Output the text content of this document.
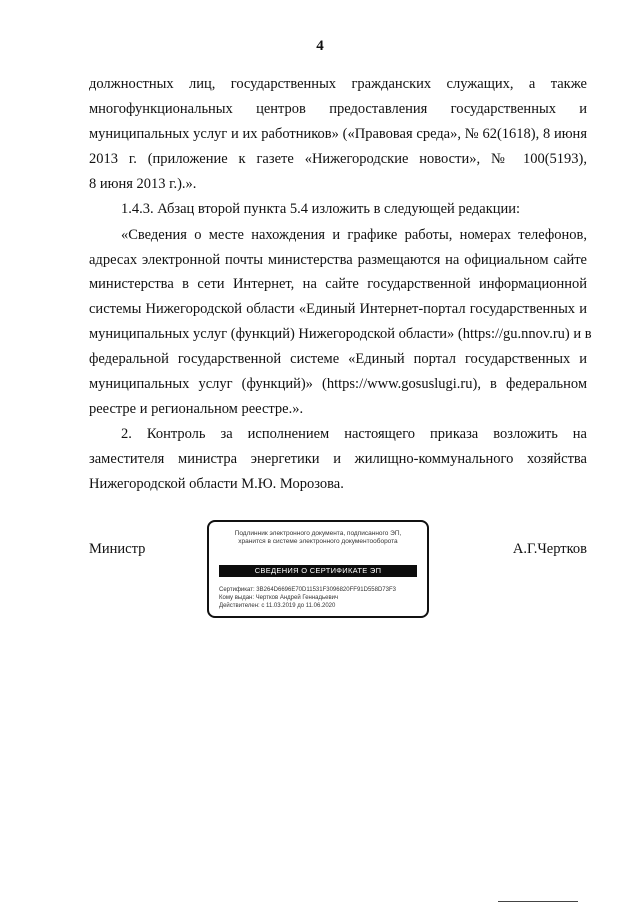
4
должностных лиц, государственных гражданских служащих, а также
многофункциональных центров предоставления государственных и
муниципальных услуг и их работников» («Правовая среда», № 62(1618), 8 июня
2013 г. (приложение к газете «Нижегородские новости», № 100(5193),
8 июня 2013 г.).».
1.4.3. Абзац второй пункта 5.4 изложить в следующей редакции:
«Сведения о месте нахождения и графике работы, номерах телефонов,
адресах электронной почты министерства размещаются на официальном сайте
министерства в сети Интернет, на сайте государственной информационной
системы Нижегородской области «Единый Интернет-портал государственных и
муниципальных услуг (функций) Нижегородской области» (https://gu.nnov.ru) и в
федеральной государственной системе «Единый портал государственных и
муниципальных услуг (функций)» (https://www.gosuslugi.ru), в федеральном
реестре и региональном реестре.».
2. Контроль за исполнением настоящего приказа возложить на
заместителя министра энергетики и жилищно-коммунального хозяйства
Нижегородской области М.Ю. Морозова.
Министр	А.Г.Чертков
Подлинник электронного документа, подписанного ЭП,
хранится в системе электронного документооборота
СВЕДЕНИЯ О СЕРТИФИКАТЕ ЭП
Сертификат: 3B264D6696E70D11531F3096820FF91D558D73F3
Кому выдан: Чертков Андрей Геннадьевич
Действителен: с 11.03.2019 до 11.06.2020
